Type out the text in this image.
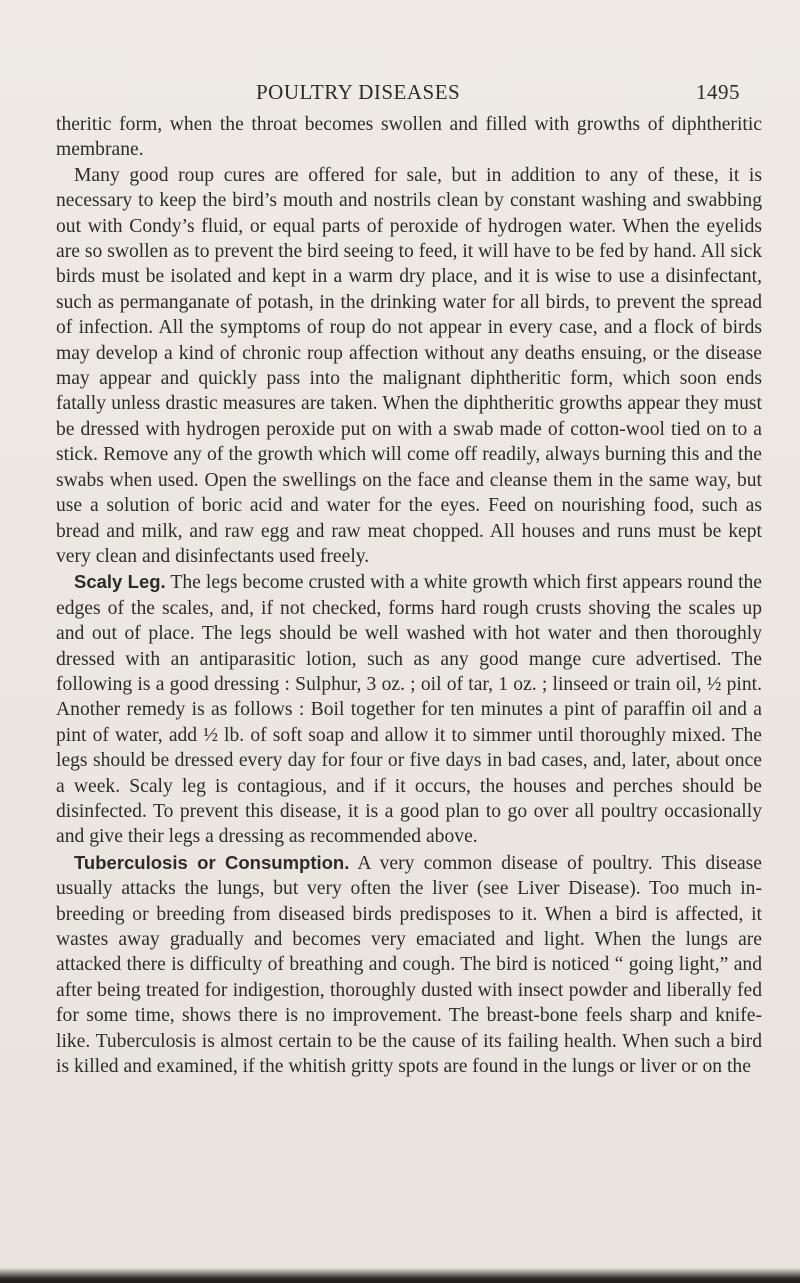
POULTRY DISEASES	1495

theritic form, when the throat becomes swollen and filled with growths of diphtheritic membrane.

Many good roup cures are offered for sale, but in addition to any of these, it is necessary to keep the bird’s mouth and nostrils clean by constant washing and swabbing out with Condy’s fluid, or equal parts of peroxide of hydrogen water. When the eyelids are so swollen as to prevent the bird seeing to feed, it will have to be fed by hand. All sick birds must be isolated and kept in a warm dry place, and it is wise to use a disinfectant, such as permanganate of potash, in the drinking water for all birds, to prevent the spread of infection. All the symptoms of roup do not appear in every case, and a flock of birds may develop a kind of chronic roup affection without any deaths ensuing, or the disease may appear and quickly pass into the malignant diphtheritic form, which soon ends fatally unless drastic measures are taken. When the diphtheritic growths appear they must be dressed with hydrogen peroxide put on with a swab made of cotton-wool tied on to a stick. Remove any of the growth which will come off readily, always burning this and the swabs when used. Open the swellings on the face and cleanse them in the same way, but use a solution of boric acid and water for the eyes. Feed on nourishing food, such as bread and milk, and raw egg and raw meat chopped. All houses and runs must be kept very clean and disinfectants used freely.

Scaly Leg. The legs become crusted with a white growth which first appears round the edges of the scales, and, if not checked, forms hard rough crusts shoving the scales up and out of place. The legs should be well washed with hot water and then thoroughly dressed with an antiparasitic lotion, such as any good mange cure advertised. The following is a good dressing : Sulphur, 3 oz. ; oil of tar, 1 oz. ; linseed or train oil, ½ pint. Another remedy is as follows : Boil together for ten minutes a pint of paraffin oil and a pint of water, add ½ lb. of soft soap and allow it to simmer until thoroughly mixed. The legs should be dressed every day for four or five days in bad cases, and, later, about once a week. Scaly leg is contagious, and if it occurs, the houses and perches should be disinfected. To prevent this disease, it is a good plan to go over all poultry occasionally and give their legs a dressing as recommended above.

Tuberculosis or Consumption. A very common disease of poultry. This disease usually attacks the lungs, but very often the liver (see Liver Disease). Too much in-breeding or breeding from diseased birds predisposes to it. When a bird is affected, it wastes away gradually and becomes very emaciated and light. When the lungs are attacked there is difficulty of breathing and cough. The bird is noticed “ going light,” and after being treated for indigestion, thoroughly dusted with insect powder and liberally fed for some time, shows there is no improvement. The breast-bone feels sharp and knife-like. Tuberculosis is almost certain to be the cause of its failing health. When such a bird is killed and examined, if the whitish gritty spots are found in the lungs or liver or on the
